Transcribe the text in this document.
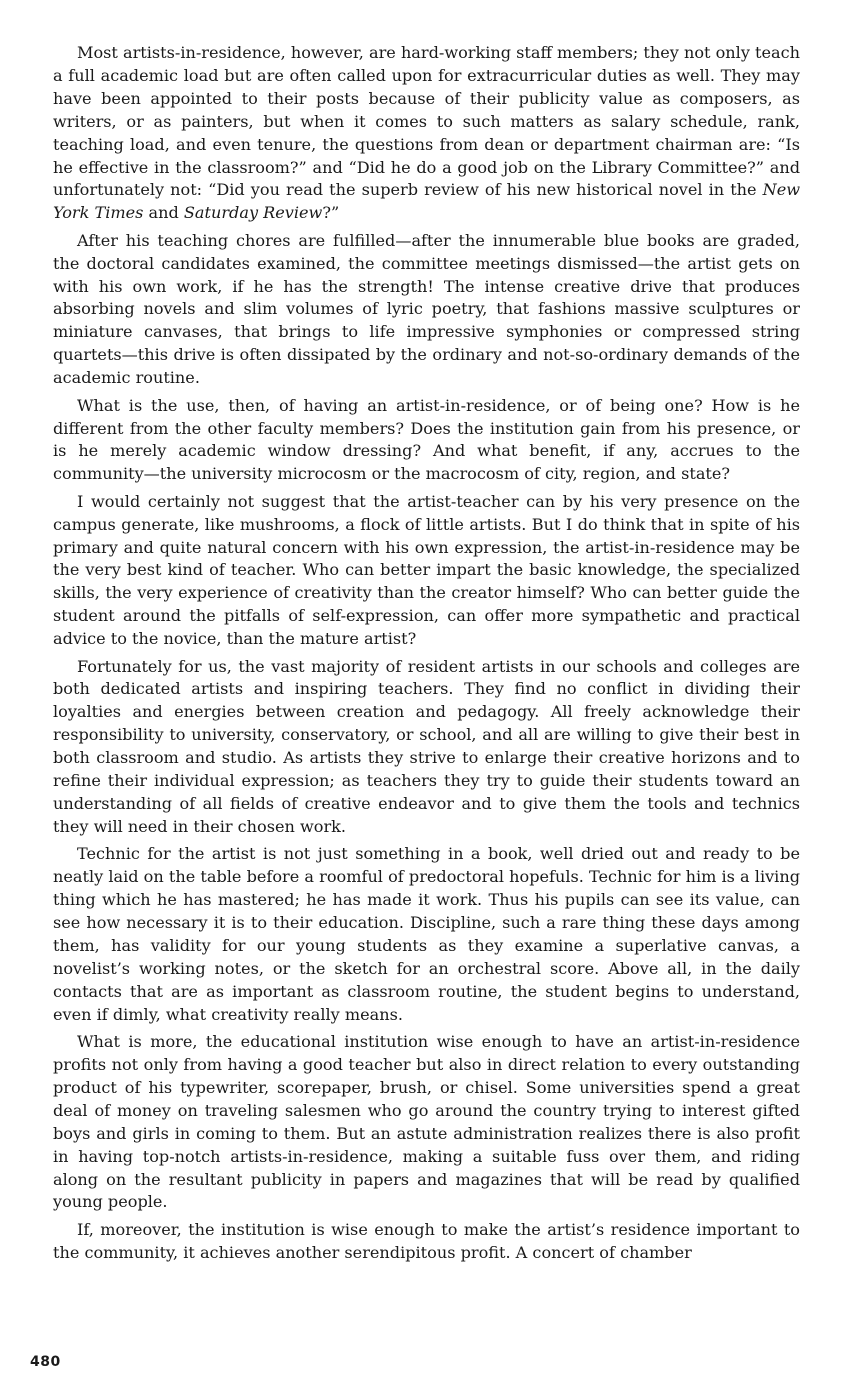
Most artists-in-residence, however, are hard-working staff members; they not only teach a full academic load but are often called upon for extracurricular duties as well. They may have been appointed to their posts because of their publicity value as composers, as writers, or as painters, but when it comes to such matters as salary schedule, rank, teaching load, and even tenure, the questions from dean or department chairman are: “Is he effective in the classroom?” and “Did he do a good job on the Library Committee?” and unfortunately not: “Did you read the superb review of his new historical novel in the New York Times and Saturday Review?”

After his teaching chores are fulfilled—after the innumerable blue books are graded, the doctoral candidates examined, the committee meetings dismissed—the artist gets on with his own work, if he has the strength! The intense creative drive that produces absorbing novels and slim volumes of lyric poetry, that fashions massive sculptures or miniature canvases, that brings to life impressive symphonies or compressed string quartets—this drive is often dissipated by the ordinary and not-so-ordinary demands of the academic routine.

What is the use, then, of having an artist-in-residence, or of being one? How is he different from the other faculty members? Does the institution gain from his presence, or is he merely academic window dressing? And what benefit, if any, accrues to the community—the university microcosm or the macrocosm of city, region, and state?

I would certainly not suggest that the artist-teacher can by his very presence on the campus generate, like mushrooms, a flock of little artists. But I do think that in spite of his primary and quite natural concern with his own expression, the artist-in-residence may be the very best kind of teacher. Who can better impart the basic knowledge, the specialized skills, the very experience of creativity than the creator himself? Who can better guide the student around the pitfalls of self-expression, can offer more sympathetic and practical advice to the novice, than the mature artist?

Fortunately for us, the vast majority of resident artists in our schools and colleges are both dedicated artists and inspiring teachers. They find no conflict in dividing their loyalties and energies between creation and pedagogy. All freely acknowledge their responsibility to university, conservatory, or school, and all are willing to give their best in both classroom and studio. As artists they strive to enlarge their creative horizons and to refine their individual expression; as teachers they try to guide their students toward an understanding of all fields of creative endeavor and to give them the tools and technics they will need in their chosen work.

Technic for the artist is not just something in a book, well dried out and ready to be neatly laid on the table before a roomful of predoctoral hopefuls. Technic for him is a living thing which he has mastered; he has made it work. Thus his pupils can see its value, can see how necessary it is to their education. Discipline, such a rare thing these days among them, has validity for our young students as they examine a superlative canvas, a novelist’s working notes, or the sketch for an orchestral score. Above all, in the daily contacts that are as important as classroom routine, the student begins to understand, even if dimly, what creativity really means.

What is more, the educational institution wise enough to have an artist-in-residence profits not only from having a good teacher but also in direct relation to every outstanding product of his typewriter, scorepaper, brush, or chisel. Some universities spend a great deal of money on traveling salesmen who go around the country trying to interest gifted boys and girls in coming to them. But an astute administration realizes there is also profit in having top-notch artists-in-residence, making a suitable fuss over them, and riding along on the resultant publicity in papers and magazines that will be read by qualified young people.

If, moreover, the institution is wise enough to make the artist’s residence important to the community, it achieves another serendipitous profit. A concert of chamber

480
